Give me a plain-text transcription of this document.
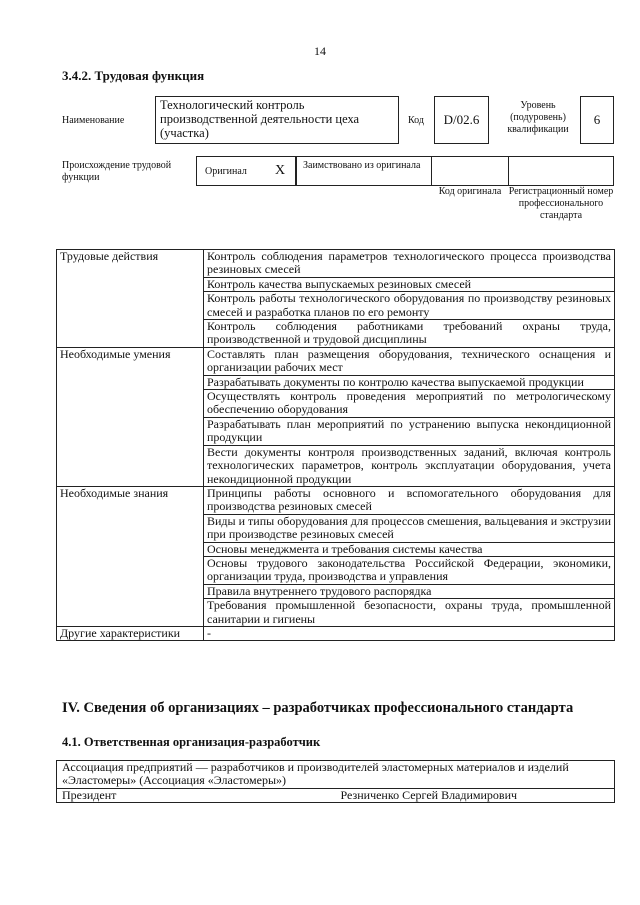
14
3.4.2. Трудовая функция
Наименование
Технологический контроль производственной деятельности цеха (участка)
Код	D/02.6
Уровень (подуровень) квалификации
6
Происхождение трудовой функции
Оригинал X Заимствовано из оригинала
Код оригинала Регистрационный номер профессионального стандарта
Трудовые действия	Контроль соблюдения параметров технологического процесса производства резиновых смесей
	Контроль качества выпускаемых резиновых смесей
	Контроль работы технологического оборудования по производству резиновых смесей и разработка планов по его ремонту
	Контроль соблюдения работниками требований охраны труда, производственной и трудовой дисциплины
Необходимые умения	Составлять план размещения оборудования, технического оснащения и организации рабочих мест
	Разрабатывать документы по контролю качества выпускаемой продукции
	Осуществлять контроль проведения мероприятий по метрологическому обеспечению оборудования
	Разрабатывать план мероприятий по устранению выпуска некондиционной продукции
	Вести документы контроля производственных заданий, включая контроль технологических параметров, контроль эксплуатации оборудования, учета некондиционной продукции
Необходимые знания	Принципы работы основного и вспомогательного оборудования для производства резиновых смесей
	Виды и типы оборудования для процессов смешения, вальцевания и экструзии при производстве резиновых смесей
	Основы менеджмента и требования системы качества
	Основы трудового законодательства Российской Федерации, экономики, организации труда, производства и управления
	Правила внутреннего трудового распорядка
	Требования промышленной безопасности, охраны труда, промышленной санитарии и гигиены
Другие характеристики	-
IV. Сведения об организациях – разработчиках профессионального стандарта
4.1. Ответственная организация-разработчик
Ассоциация предприятий — разработчиков и производителей эластомерных материалов и изделий «Эластомеры» (Ассоциация «Эластомеры»)
Президент	Резниченко Сергей Владимирович
